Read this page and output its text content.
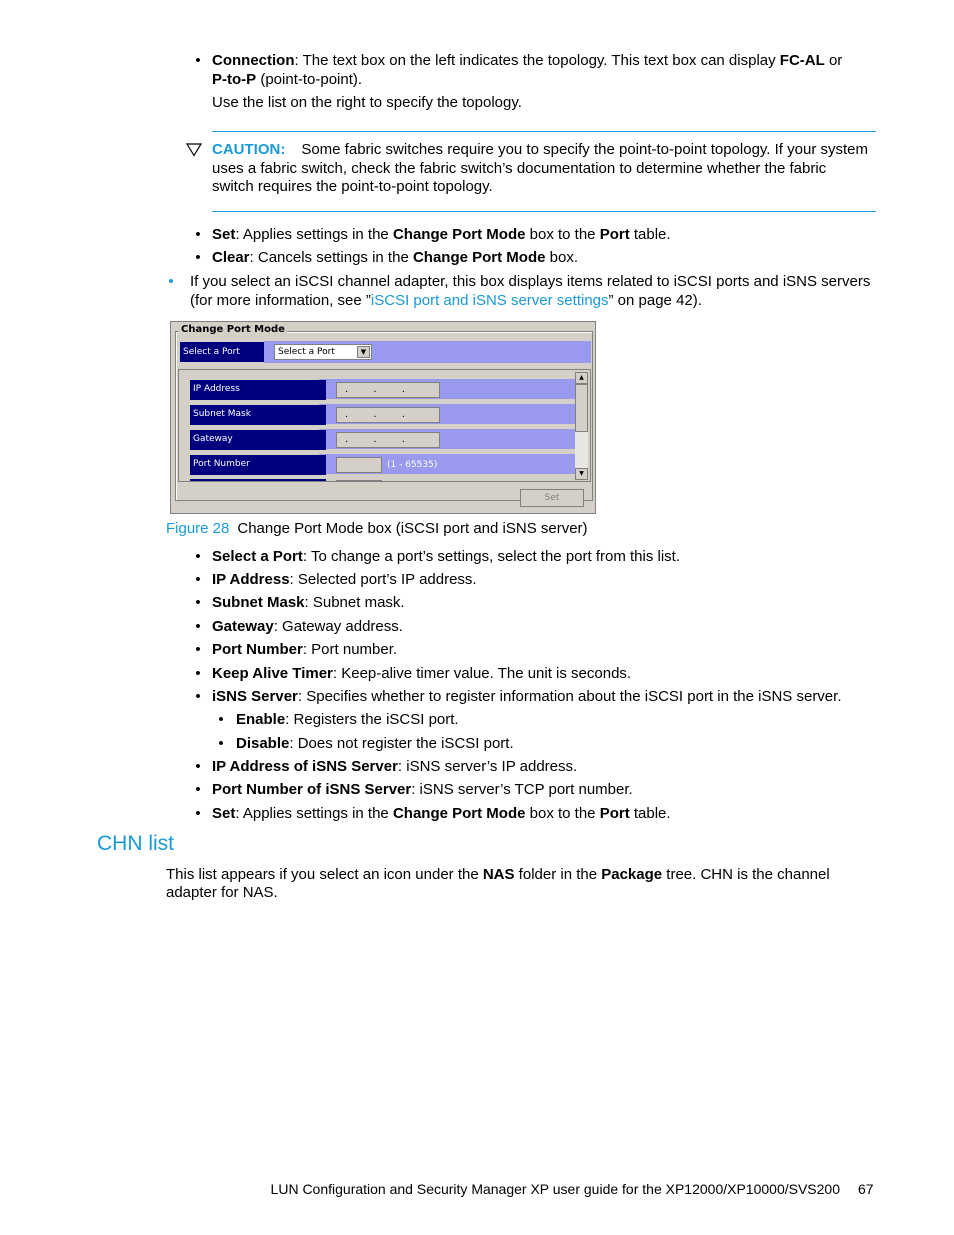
• Connection: The text box on the left indicates the topology. This text box can display FC-AL or
P-to-P (point-to-point).
Use the list on the right to specify the topology.
CAUTION: Some fabric switches require you to specify the point-to-point topology. If your system
uses a fabric switch, check the fabric switch’s documentation to determine whether the fabric
switch requires the point-to-point topology.
• Set: Applies settings in the Change Port Mode box to the Port table.
• Clear: Cancels settings in the Change Port Mode box.
• If you select an iSCSI channel adapter, this box displays items related to iSCSI ports and iSNS servers
(for more information, see ”iSCSI port and iSNS server settings” on page 42).
Change Port Mode
Select a Port	Select a Port	▼
IP Address	. . .
Subnet Mask	. . .
Gateway	. . .
Port Number	(1 - 65535)
▲
▼
Set
Figure 28 Change Port Mode box (iSCSI port and iSNS server)
• Select a Port: To change a port’s settings, select the port from this list.
• IP Address: Selected port’s IP address.
• Subnet Mask: Subnet mask.
• Gateway: Gateway address.
• Port Number: Port number.
• Keep Alive Timer: Keep-alive timer value. The unit is seconds.
• iSNS Server: Specifies whether to register information about the iSCSI port in the iSNS server.
• Enable: Registers the iSCSI port.
• Disable: Does not register the iSCSI port.
• IP Address of iSNS Server: iSNS server’s IP address.
• Port Number of iSNS Server: iSNS server’s TCP port number.
• Set: Applies settings in the Change Port Mode box to the Port table.
CHN list
This list appears if you select an icon under the NAS folder in the Package tree. CHN is the channel
adapter for NAS.
LUN Configuration and Security Manager XP user guide for the XP12000/XP10000/SVS200 67
